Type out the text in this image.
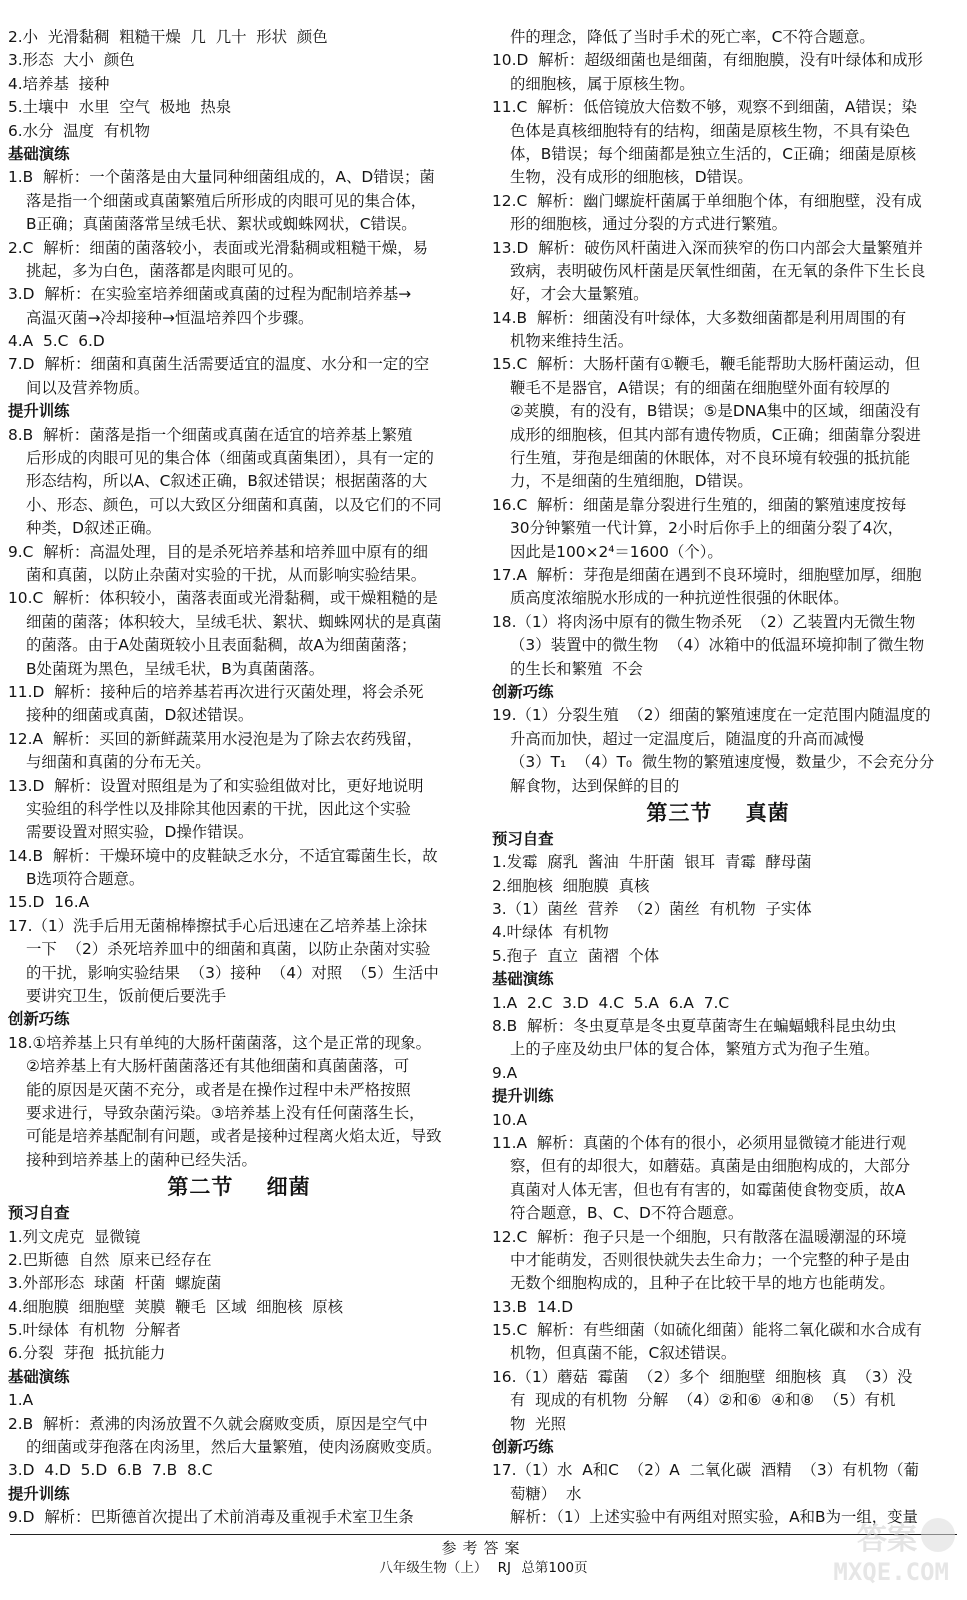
2.小  光滑黏稠  粗糙干燥  几  几十  形状  颜色
3.形态  大小  颜色
4.培养基  接种
5.土壤中  水里  空气  极地  热泉
6.水分  温度  有机物
基础演练
1.B  解析：一个菌落是由大量同种细菌组成的，A、D错误；菌
落是指一个细菌或真菌繁殖后所形成的肉眼可见的集合体，
B正确；真菌菌落常呈绒毛状、絮状或蜘蛛网状，C错误。
2.C  解析：细菌的菌落较小，表面或光滑黏稠或粗糙干燥，易
挑起，多为白色，菌落都是肉眼可见的。
3.D  解析：在实验室培养细菌或真菌的过程为配制培养基→
高温灭菌→冷却接种→恒温培养四个步骤。
4.A  5.C  6.D
7.D  解析：细菌和真菌生活需要适宜的温度、水分和一定的空
间以及营养物质。
提升训练
8.B  解析：菌落是指一个细菌或真菌在适宜的培养基上繁殖
后形成的肉眼可见的集合体（细菌或真菌集团），具有一定的
形态结构，所以A、C叙述正确，B叙述错误；根据菌落的大
小、形态、颜色，可以大致区分细菌和真菌，以及它们的不同
种类，D叙述正确。
9.C  解析：高温处理，目的是杀死培养基和培养皿中原有的细
菌和真菌，以防止杂菌对实验的干扰，从而影响实验结果。
10.C  解析：体积较小，菌落表面或光滑黏稠，或干燥粗糙的是
细菌的菌落；体积较大，呈绒毛状、絮状、蜘蛛网状的是真菌
的菌落。由于A处菌斑较小且表面黏稠，故A为细菌菌落；
B处菌斑为黑色，呈绒毛状，B为真菌菌落。
11.D  解析：接种后的培养基若再次进行灭菌处理，将会杀死
接种的细菌或真菌，D叙述错误。
12.A  解析：买回的新鲜蔬菜用水浸泡是为了除去农药残留，
与细菌和真菌的分布无关。
13.D  解析：设置对照组是为了和实验组做对比，更好地说明
实验组的科学性以及排除其他因素的干扰，因此这个实验
需要设置对照实验，D操作错误。
14.B  解析：干燥环境中的皮鞋缺乏水分，不适宜霉菌生长，故
B选项符合题意。
15.D  16.A
17.（1）洗手后用无菌棉棒擦拭手心后迅速在乙培养基上涂抹
一下  （2）杀死培养皿中的细菌和真菌，以防止杂菌对实验
的干扰，影响实验结果  （3）接种  （4）对照  （5）生活中
要讲究卫生，饭前便后要洗手
创新巧练
18.①培养基上只有单纯的大肠杆菌菌落，这个是正常的现象。
②培养基上有大肠杆菌菌落还有其他细菌和真菌菌落，可
能的原因是灭菌不充分，或者是在操作过程中未严格按照
要求进行，导致杂菌污染。③培养基上没有任何菌落生长，
可能是培养基配制有问题，或者是接种过程离火焰太近，导致
接种到培养基上的菌种已经失活。
第二节    细菌
预习自查
1.列文虎克  显微镜
2.巴斯德  自然  原来已经存在
3.外部形态  球菌  杆菌  螺旋菌
4.细胞膜  细胞壁  荚膜  鞭毛  区域  细胞核  原核
5.叶绿体  有机物  分解者
6.分裂  芽孢  抵抗能力
基础演练
1.A
2.B  解析：煮沸的肉汤放置不久就会腐败变质，原因是空气中
的细菌或芽孢落在肉汤里，然后大量繁殖，使肉汤腐败变质。
3.D  4.D  5.D  6.B  7.B  8.C
提升训练
9.D  解析：巴斯德首次提出了术前消毒及重视手术室卫生条
件的理念，降低了当时手术的死亡率，C不符合题意。
10.D  解析：超级细菌也是细菌，有细胞膜，没有叶绿体和成形
的细胞核，属于原核生物。
11.C  解析：低倍镜放大倍数不够，观察不到细菌，A错误；染
色体是真核细胞特有的结构，细菌是原核生物，不具有染色
体，B错误；每个细菌都是独立生活的，C正确；细菌是原核
生物，没有成形的细胞核，D错误。
12.C  解析：幽门螺旋杆菌属于单细胞个体，有细胞壁，没有成
形的细胞核，通过分裂的方式进行繁殖。
13.D  解析：破伤风杆菌进入深而狭窄的伤口内部会大量繁殖并
致病，表明破伤风杆菌是厌氧性细菌，在无氧的条件下生长良
好，才会大量繁殖。
14.B  解析：细菌没有叶绿体，大多数细菌都是利用周围的有
机物来维持生活。
15.C  解析：大肠杆菌有①鞭毛，鞭毛能帮助大肠杆菌运动，但
鞭毛不是器官，A错误；有的细菌在细胞壁外面有较厚的
②荚膜，有的没有，B错误；⑤是DNA集中的区域，细菌没有
成形的细胞核，但其内部有遗传物质，C正确；细菌靠分裂进
行生殖，芽孢是细菌的休眠体，对不良环境有较强的抵抗能
力，不是细菌的生殖细胞，D错误。
16.C  解析：细菌是靠分裂进行生殖的，细菌的繁殖速度按每
30分钟繁殖一代计算，2小时后你手上的细菌分裂了4次，
因此是100×2⁴＝1600（个）。
17.A  解析：芽孢是细菌在遇到不良环境时，细胞壁加厚，细胞
质高度浓缩脱水形成的一种抗逆性很强的休眠体。
18.（1）将肉汤中原有的微生物杀死  （2）乙装置内无微生物
（3）装置中的微生物  （4）冰箱中的低温环境抑制了微生物
的生长和繁殖  不会
创新巧练
19.（1）分裂生殖  （2）细菌的繁殖速度在一定范围内随温度的
升高而加快，超过一定温度后，随温度的升高而减慢
（3）T₁  （4）T₀  微生物的繁殖速度慢，数量少，不会充分分
解食物，达到保鲜的目的
第三节    真菌
预习自查
1.发霉  腐乳  酱油  牛肝菌  银耳  青霉  酵母菌
2.细胞核  细胞膜  真核
3.（1）菌丝  营养  （2）菌丝  有机物  子实体
4.叶绿体  有机物
5.孢子  直立  菌褶  个体
基础演练
1.A  2.C  3.D  4.C  5.A  6.A  7.C
8.B  解析：冬虫夏草是冬虫夏草菌寄生在蝙蝠蛾科昆虫幼虫
上的子座及幼虫尸体的复合体，繁殖方式为孢子生殖。
9.A
提升训练
10.A
11.A  解析：真菌的个体有的很小，必须用显微镜才能进行观
察，但有的却很大，如蘑菇。真菌是由细胞构成的，大部分
真菌对人体无害，但也有有害的，如霉菌使食物变质，故A
符合题意，B、C、D不符合题意。
12.C  解析：孢子只是一个细胞，只有散落在温暖潮湿的环境
中才能萌发，否则很快就失去生命力；一个完整的种子是由
无数个细胞构成的，且种子在比较干旱的地方也能萌发。
13.B  14.D
15.C  解析：有些细菌（如硫化细菌）能将二氧化碳和水合成有
机物，但真菌不能，C叙述错误。
16.（1）蘑菇  霉菌  （2）多个  细胞壁  细胞核  真  （3）没
有  现成的有机物  分解  （4）②和⑥  ④和⑧  （5）有机
物  光照
创新巧练
17.（1）水  A和C  （2）A  二氧化碳  酒精  （3）有机物（葡
萄糖）  水
解析：（1）上述实验中有两组对照实验，A和B为一组，变量
参考答案
八年级生物（上） RJ 总第100页
答案
MXQE.COM
